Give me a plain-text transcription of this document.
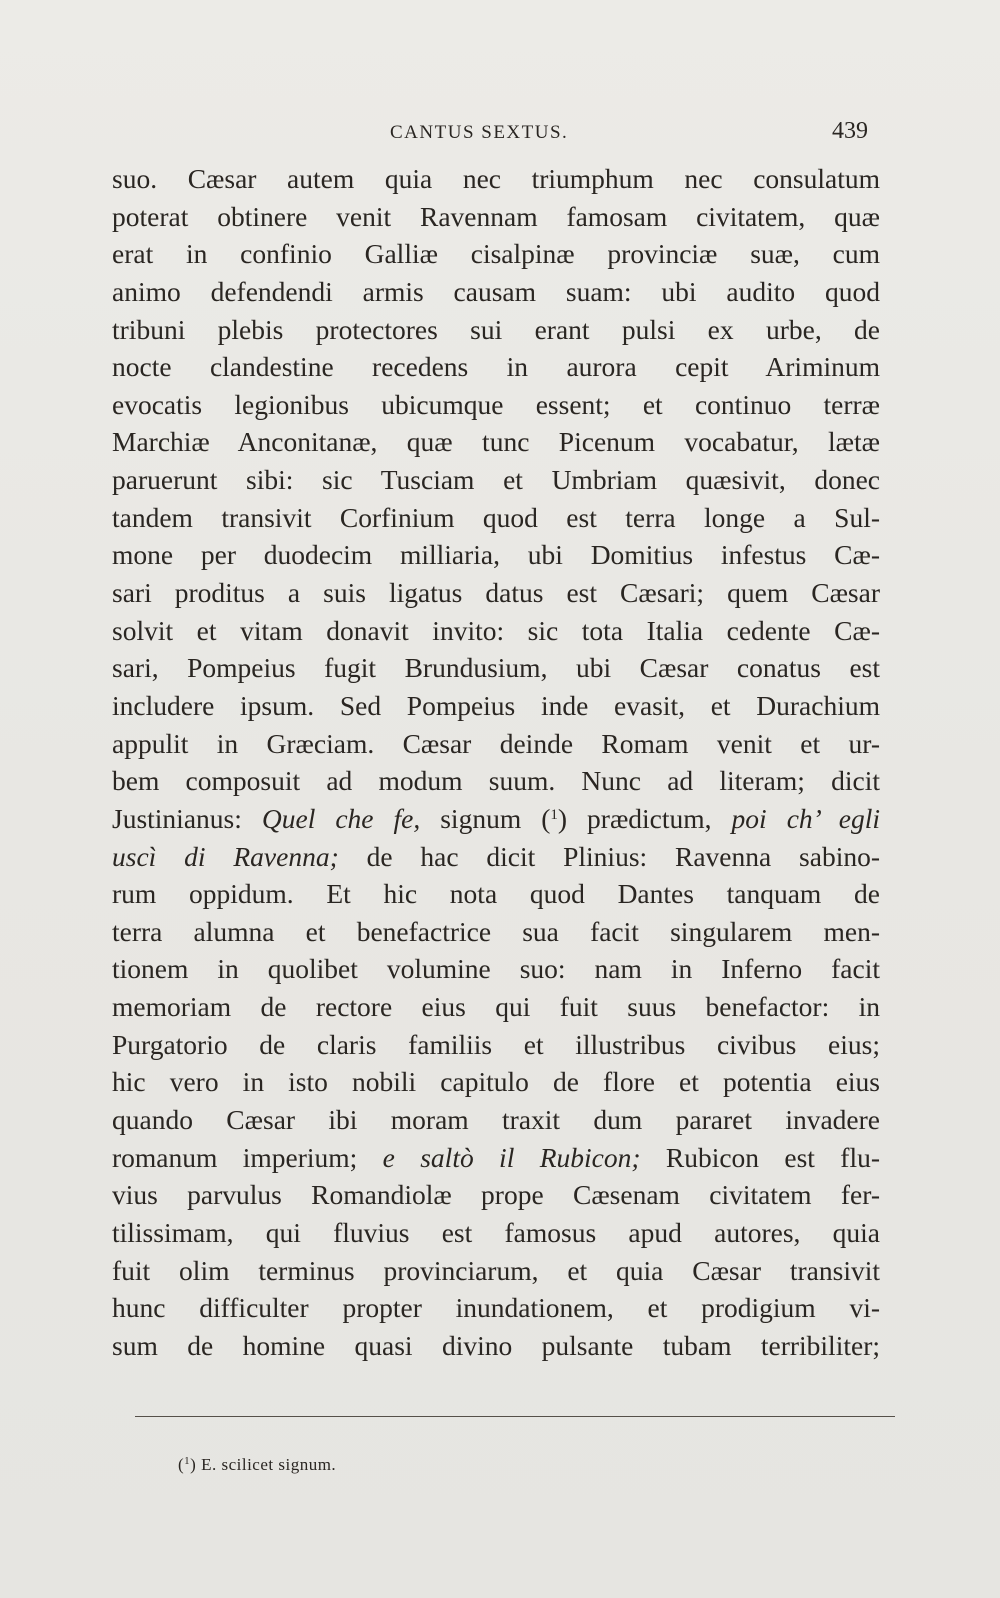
CANTUS SEXTUS.	439
suo. Cæsar autem quia nec triumphum nec consulatum
poterat obtinere venit Ravennam famosam civitatem, quæ
erat in confinio Galliæ cisalpinæ provinciæ suæ, cum
animo defendendi armis causam suam: ubi audito quod
tribuni plebis protectores sui erant pulsi ex urbe, de
nocte clandestine recedens in aurora cepit Ariminum
evocatis legionibus ubicumque essent; et continuo terræ
Marchiæ Anconitanæ, quæ tunc Picenum vocabatur, lætæ
paruerunt sibi: sic Tusciam et Umbriam quæsivit, donec
tandem transivit Corfinium quod est terra longe a Sul-
mone per duodecim milliaria, ubi Domitius infestus Cæ-
sari proditus a suis ligatus datus est Cæsari; quem Cæsar
solvit et vitam donavit invito: sic tota Italia cedente Cæ-
sari, Pompeius fugit Brundusium, ubi Cæsar conatus est
includere ipsum. Sed Pompeius inde evasit, et Durachium
appulit in Græciam. Cæsar deinde Romam venit et ur-
bem composuit ad modum suum. Nunc ad literam; dicit
Justinianus: Quel che fe, signum ($^1$) prædictum, poi ch’ egli
uscì di Ravenna; de hac dicit Plinius: Ravenna sabino-
rum oppidum. Et hic nota quod Dantes tanquam de
terra alumna et benefactrice sua facit singularem men-
tionem in quolibet volumine suo: nam in Inferno facit
memoriam de rectore eius qui fuit suus benefactor: in
Purgatorio de claris familiis et illustribus civibus eius;
hic vero in isto nobili capitulo de flore et potentia eius
quando Cæsar ibi moram traxit dum pararet invadere
romanum imperium; e saltò il Rubicon; Rubicon est flu-
vius parvulus Romandiolæ prope Cæsenam civitatem fer-
tilissimam, qui fluvius est famosus apud autores, quia
fuit olim terminus provinciarum, et quia Cæsar transivit
hunc difficulter propter inundationem, et prodigium vi-
sum de homine quasi divino pulsante tubam terribiliter;
($^1$) E. scilicet signum.
